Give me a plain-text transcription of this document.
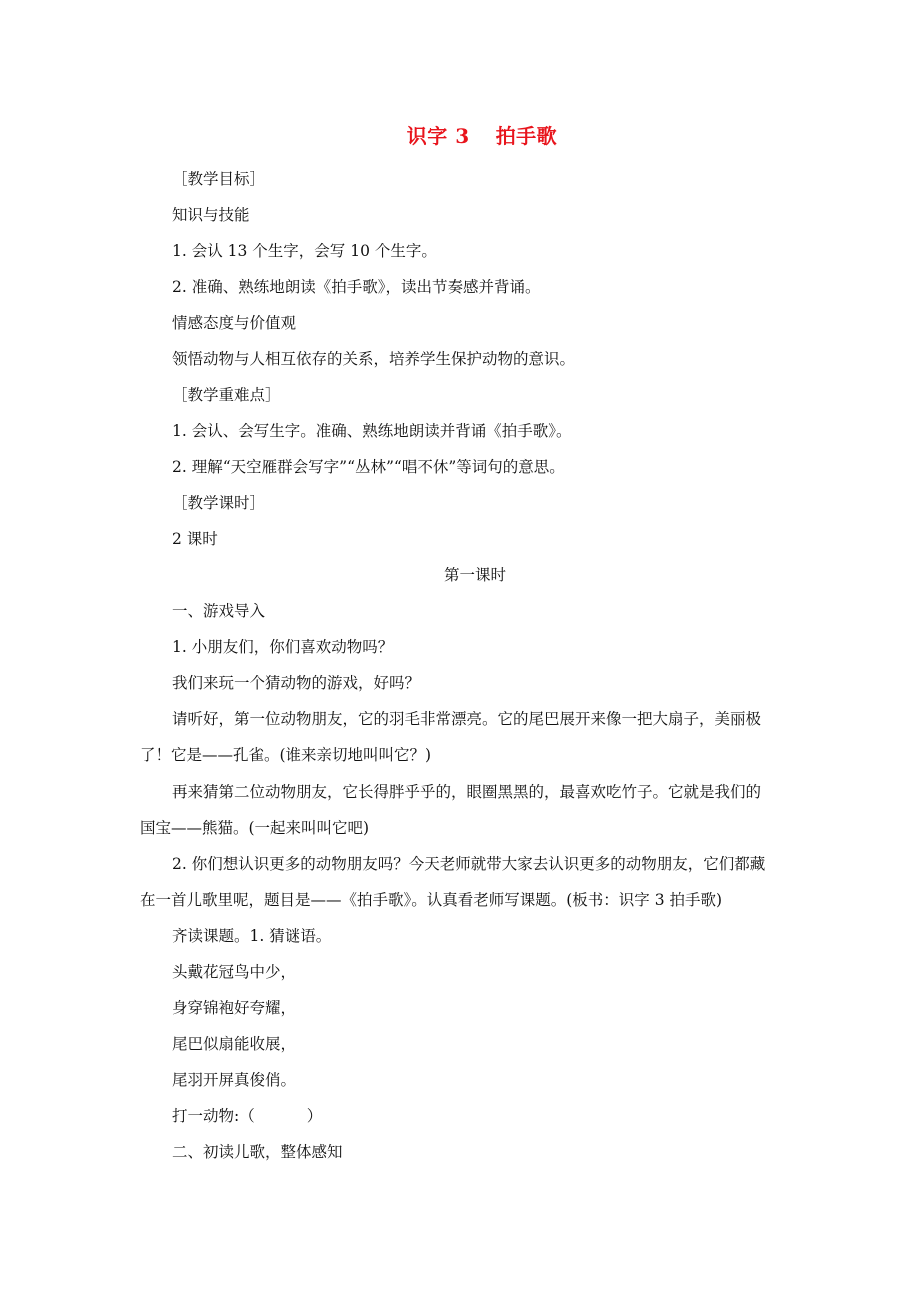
识字 3 拍手歌
［教学目标］
知识与技能
1. 会认 13 个生字，会写 10 个生字。
2. 准确、熟练地朗读《拍手歌》，读出节奏感并背诵。
情感态度与价值观
领悟动物与人相互依存的关系，培养学生保护动物的意识。
［教学重难点］
1. 会认、会写生字。准确、熟练地朗读并背诵《拍手歌》。
2. 理解“天空雁群会写字”“丛林”“唱不休”等词句的意思。
［教学课时］
2 课时
第一课时
一、游戏导入
1. 小朋友们，你们喜欢动物吗？
我们来玩一个猜动物的游戏，好吗？
请听好，第一位动物朋友，它的羽毛非常漂亮。它的尾巴展开来像一把大扇子，美丽极
了！它是——孔雀。(谁来亲切地叫叫它？)
再来猜第二位动物朋友，它长得胖乎乎的，眼圈黑黑的，最喜欢吃竹子。它就是我们的
国宝——熊猫。(一起来叫叫它吧)
2. 你们想认识更多的动物朋友吗？今天老师就带大家去认识更多的动物朋友，它们都藏
在一首儿歌里呢，题目是——《拍手歌》。认真看老师写课题。(板书：识字 3 拍手歌)
齐读课题。1. 猜谜语。
头戴花冠鸟中少，
身穿锦袍好夸耀，
尾巴似扇能收展，
尾羽开屏真俊俏。
打一动物:（	）
二、初读儿歌，整体感知
